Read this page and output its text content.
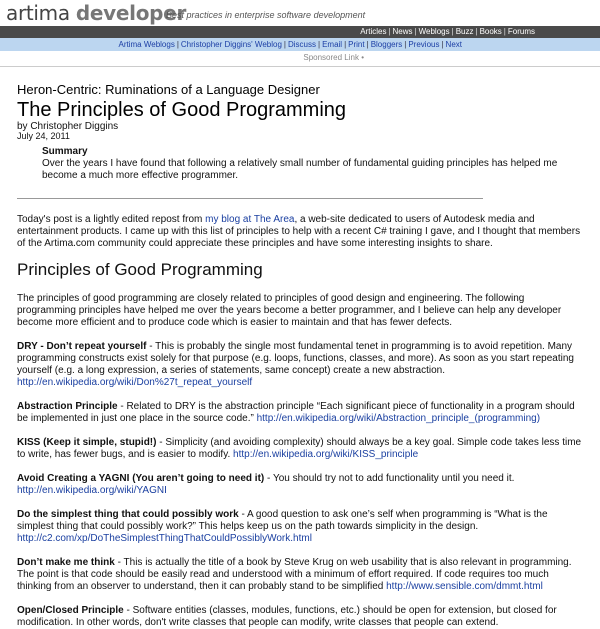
artima developer
Best practices in enterprise software development
Articles | News | Weblogs | Buzz | Books | Forums
Artima Weblogs | Christopher Diggins' Weblog | Discuss | Email | Print | Bloggers | Previous | Next
Sponsored Link •
Heron-Centric: Ruminations of a Language Designer
The Principles of Good Programming
by Christopher Diggins
July 24, 2011
Summary
Over the years I have found that following a relatively small number of fundamental guiding principles has helped me become a much more effective programmer.

Today's post is a lightly edited repost from my blog at The Area, a web-site dedicated to users of Autodesk media and entertainment products. I came up with this list of principles to help with a recent C# training I gave, and I thought that members of the Artima.com community could appreciate these principles and have some interesting insights to share.

Principles of Good Programming

The principles of good programming are closely related to principles of good design and engineering. The following programming principles have helped me over the years become a better programmer, and I believe can help any developer become more efficient and to produce code which is easier to maintain and that has fewer defects.

DRY - Don’t repeat yourself - This is probably the single most fundamental tenet in programming is to avoid repetition. Many programming constructs exist solely for that purpose (e.g. loops, functions, classes, and more). As soon as you start repeating yourself (e.g. a long expression, a series of statements, same concept) create a new abstraction. http://en.wikipedia.org/wiki/Don%27t_repeat_yourself

Abstraction Principle - Related to DRY is the abstraction principle “Each significant piece of functionality in a program should be implemented in just one place in the source code.” http://en.wikipedia.org/wiki/Abstraction_principle_(programming)

KISS (Keep it simple, stupid!) - Simplicity (and avoiding complexity) should always be a key goal. Simple code takes less time to write, has fewer bugs, and is easier to modify. http://en.wikipedia.org/wiki/KISS_principle

Avoid Creating a YAGNI (You aren’t going to need it) - You should try not to add functionality until you need it. http://en.wikipedia.org/wiki/YAGNI

Do the simplest thing that could possibly work - A good question to ask one’s self when programming is “What is the simplest thing that could possibly work?” This helps keep us on the path towards simplicity in the design. http://c2.com/xp/DoTheSimplestThingThatCouldPossiblyWork.html

Don’t make me think - This is actually the title of a book by Steve Krug on web usability that is also relevant in programming. The point is that code should be easily read and understood with a minimum of effort required. If code requires too much thinking from an observer to understand, then it can probably stand to be simplified http://www.sensible.com/dmmt.html

Open/Closed Principle - Software entities (classes, modules, functions, etc.) should be open for extension, but closed for modification. In other words, don't write classes that people can modify, write classes that people can extend.
